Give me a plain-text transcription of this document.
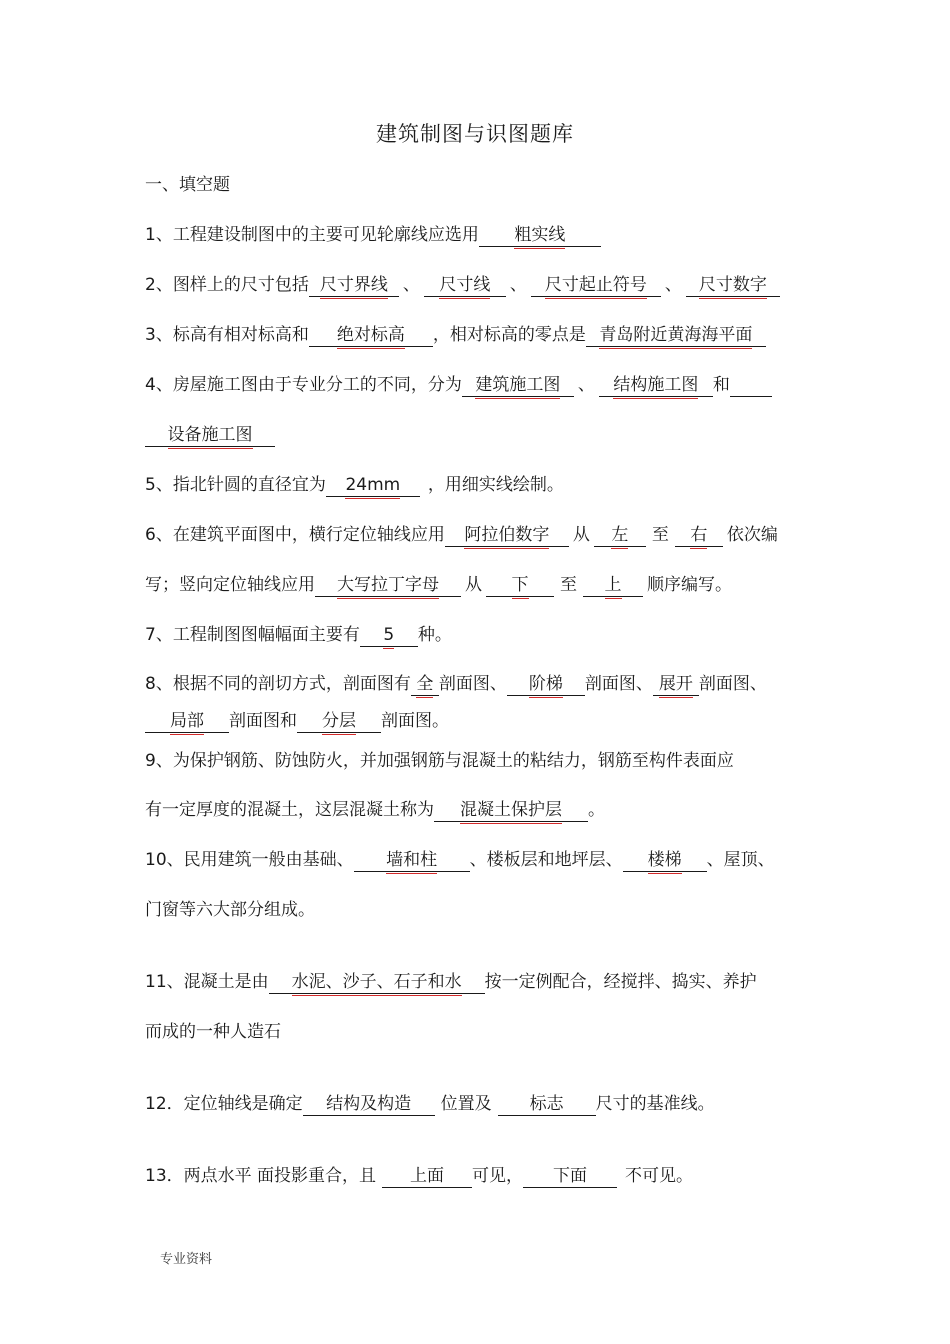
建筑制图与识图题库
一、填空题
1、工程建设制图中的主要可见轮廓线应选用 粗实线
2、图样上的尺寸包括 尺寸界线 、 尺寸线 、 尺寸起止符号 、 尺寸数字
3、标高有相对标高和 绝对标高 ，相对标高的零点是 青岛附近黄海海平面
4、房屋施工图由于专业分工的不同，分为 建筑施工图 、 结构施工图 和
设备施工图
5、指北针圆的直径宜为 24mm ，用细实线绘制。
6、在建筑平面图中，横行定位轴线应用 阿拉伯数字 从 左 至 右 依次编
写；竖向定位轴线应用 大写拉丁字母 从 下 至 上 顺序编写。
7、工程制图图幅幅面主要有 5 种。
8、根据不同的剖切方式，剖面图有 全 剖面图、 阶梯 剖面图、 展开 剖面图、
局部 剖面图和 分层 剖面图。
9、为保护钢筋、防蚀防火，并加强钢筋与混凝土的粘结力，钢筋至构件表面应
有一定厚度的混凝土，这层混凝土称为 混凝土保护层 。
10、民用建筑一般由基础、 墙和柱 、楼板层和地坪层、 楼梯 、屋顶、
门窗等六大部分组成。
11、混凝土是由 水泥、沙子、石子和水 按一定例配合，经搅拌、捣实、养护
而成的一种人造石
12．定位轴线是确定 结构及构造 位置及 标志 尺寸的基准线。
13．两点水平 面投影重合，且 上面 可见， 下面 不可见。
专业资料
